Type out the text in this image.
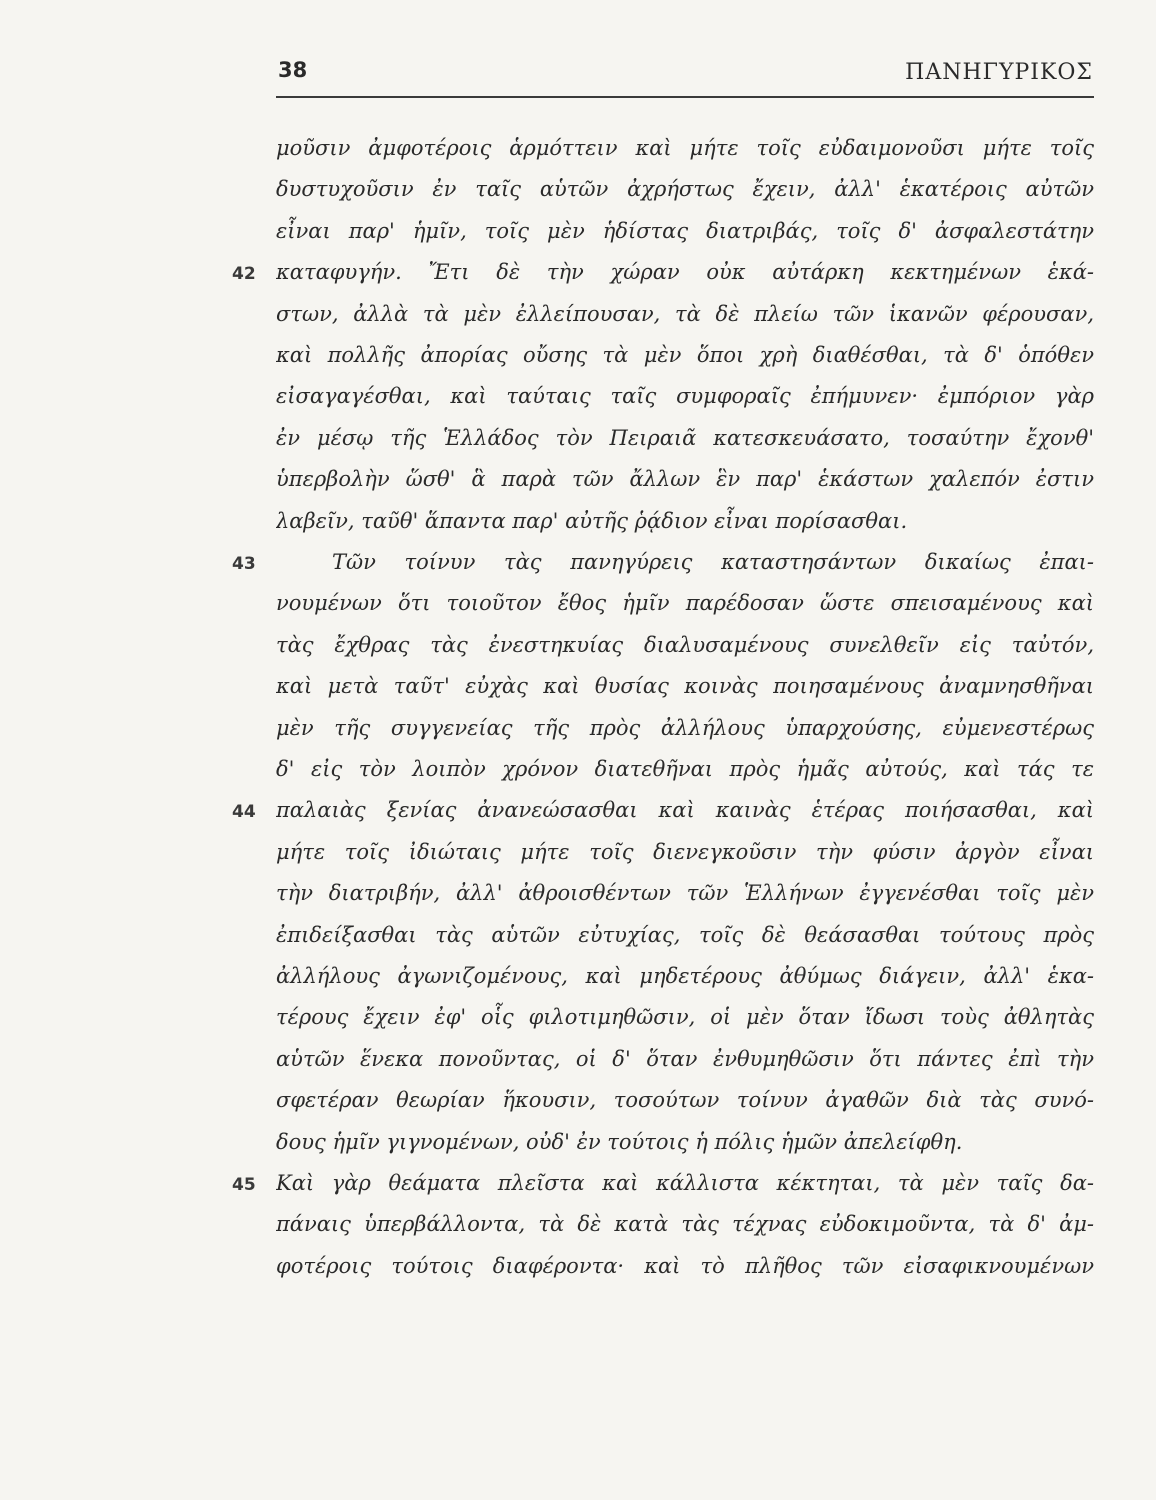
38	ΠΑΝΗΓΥΡΙΚΟΣ
42
43
44
45
μοῦσιν ἀμφοτέροις ἁρμόττειν καὶ μήτε τοῖς εὐδαιμονοῦσι μήτε τοῖς
δυστυχοῦσιν ἐν ταῖς αὑτῶν ἀχρήστως ἔχειν, ἀλλ' ἑκατέροις αὐτῶν
εἶναι παρ' ἡμῖν, τοῖς μὲν ἡδίστας διατριβάς, τοῖς δ' ἀσφαλεστάτην
καταφυγήν. Ἔτι δὲ τὴν χώραν οὐκ αὐτάρκη κεκτημένων ἑκά-
στων, ἀλλὰ τὰ μὲν ἐλλείπουσαν, τὰ δὲ πλείω τῶν ἱκανῶν φέρουσαν,
καὶ πολλῆς ἀπορίας οὔσης τὰ μὲν ὅποι χρὴ διαθέσθαι, τὰ δ' ὁπόθεν
εἰσαγαγέσθαι, καὶ ταύταις ταῖς συμφοραῖς ἐπήμυνεν· ἐμπόριον γὰρ
ἐν μέσῳ τῆς Ἑλλάδος τὸν Πειραιᾶ κατεσκευάσατο, τοσαύτην ἔχονθ'
ὑπερβολὴν ὥσθ' ἃ παρὰ τῶν ἄλλων ἓν παρ' ἑκάστων χαλεπόν ἐστιν
λαβεῖν, ταῦθ' ἅπαντα παρ' αὐτῆς ῥᾴδιον εἶναι πορίσασθαι.
Τῶν τοίνυν τὰς πανηγύρεις καταστησάντων δικαίως ἐπαι-
νουμένων ὅτι τοιοῦτον ἔθος ἡμῖν παρέδοσαν ὥστε σπεισαμένους καὶ
τὰς ἔχθρας τὰς ἐνεστηκυίας διαλυσαμένους συνελθεῖν εἰς ταὐτόν,
καὶ μετὰ ταῦτ' εὐχὰς καὶ θυσίας κοινὰς ποιησαμένους ἀναμνησθῆναι
μὲν τῆς συγγενείας τῆς πρὸς ἀλλήλους ὑπαρχούσης, εὐμενεστέρως
δ' εἰς τὸν λοιπὸν χρόνον διατεθῆναι πρὸς ἡμᾶς αὐτούς, καὶ τάς τε
παλαιὰς ξενίας ἀνανεώσασθαι καὶ καινὰς ἑτέρας ποιήσασθαι, καὶ
μήτε τοῖς ἰδιώταις μήτε τοῖς διενεγκοῦσιν τὴν φύσιν ἀργὸν εἶναι
τὴν διατριβήν, ἀλλ' ἀθροισθέντων τῶν Ἑλλήνων ἐγγενέσθαι τοῖς μὲν
ἐπιδείξασθαι τὰς αὑτῶν εὐτυχίας, τοῖς δὲ θεάσασθαι τούτους πρὸς
ἀλλήλους ἀγωνιζομένους, καὶ μηδετέρους ἀθύμως διάγειν, ἀλλ' ἑκα-
τέρους ἔχειν ἐφ' οἷς φιλοτιμηθῶσιν, οἱ μὲν ὅταν ἴδωσι τοὺς ἀθλητὰς
αὑτῶν ἕνεκα πονοῦντας, οἱ δ' ὅταν ἐνθυμηθῶσιν ὅτι πάντες ἐπὶ τὴν
σφετέραν θεωρίαν ἥκουσιν, τοσούτων τοίνυν ἀγαθῶν διὰ τὰς συνό-
δους ἡμῖν γιγνομένων, οὐδ' ἐν τούτοις ἡ πόλις ἡμῶν ἀπελείφθη.
Καὶ γὰρ θεάματα πλεῖστα καὶ κάλλιστα κέκτηται, τὰ μὲν ταῖς δα-
πάναις ὑπερβάλλοντα, τὰ δὲ κατὰ τὰς τέχνας εὐδοκιμοῦντα, τὰ δ' ἀμ-
φοτέροις τούτοις διαφέροντα· καὶ τὸ πλῆθος τῶν εἰσαφικνουμένων
